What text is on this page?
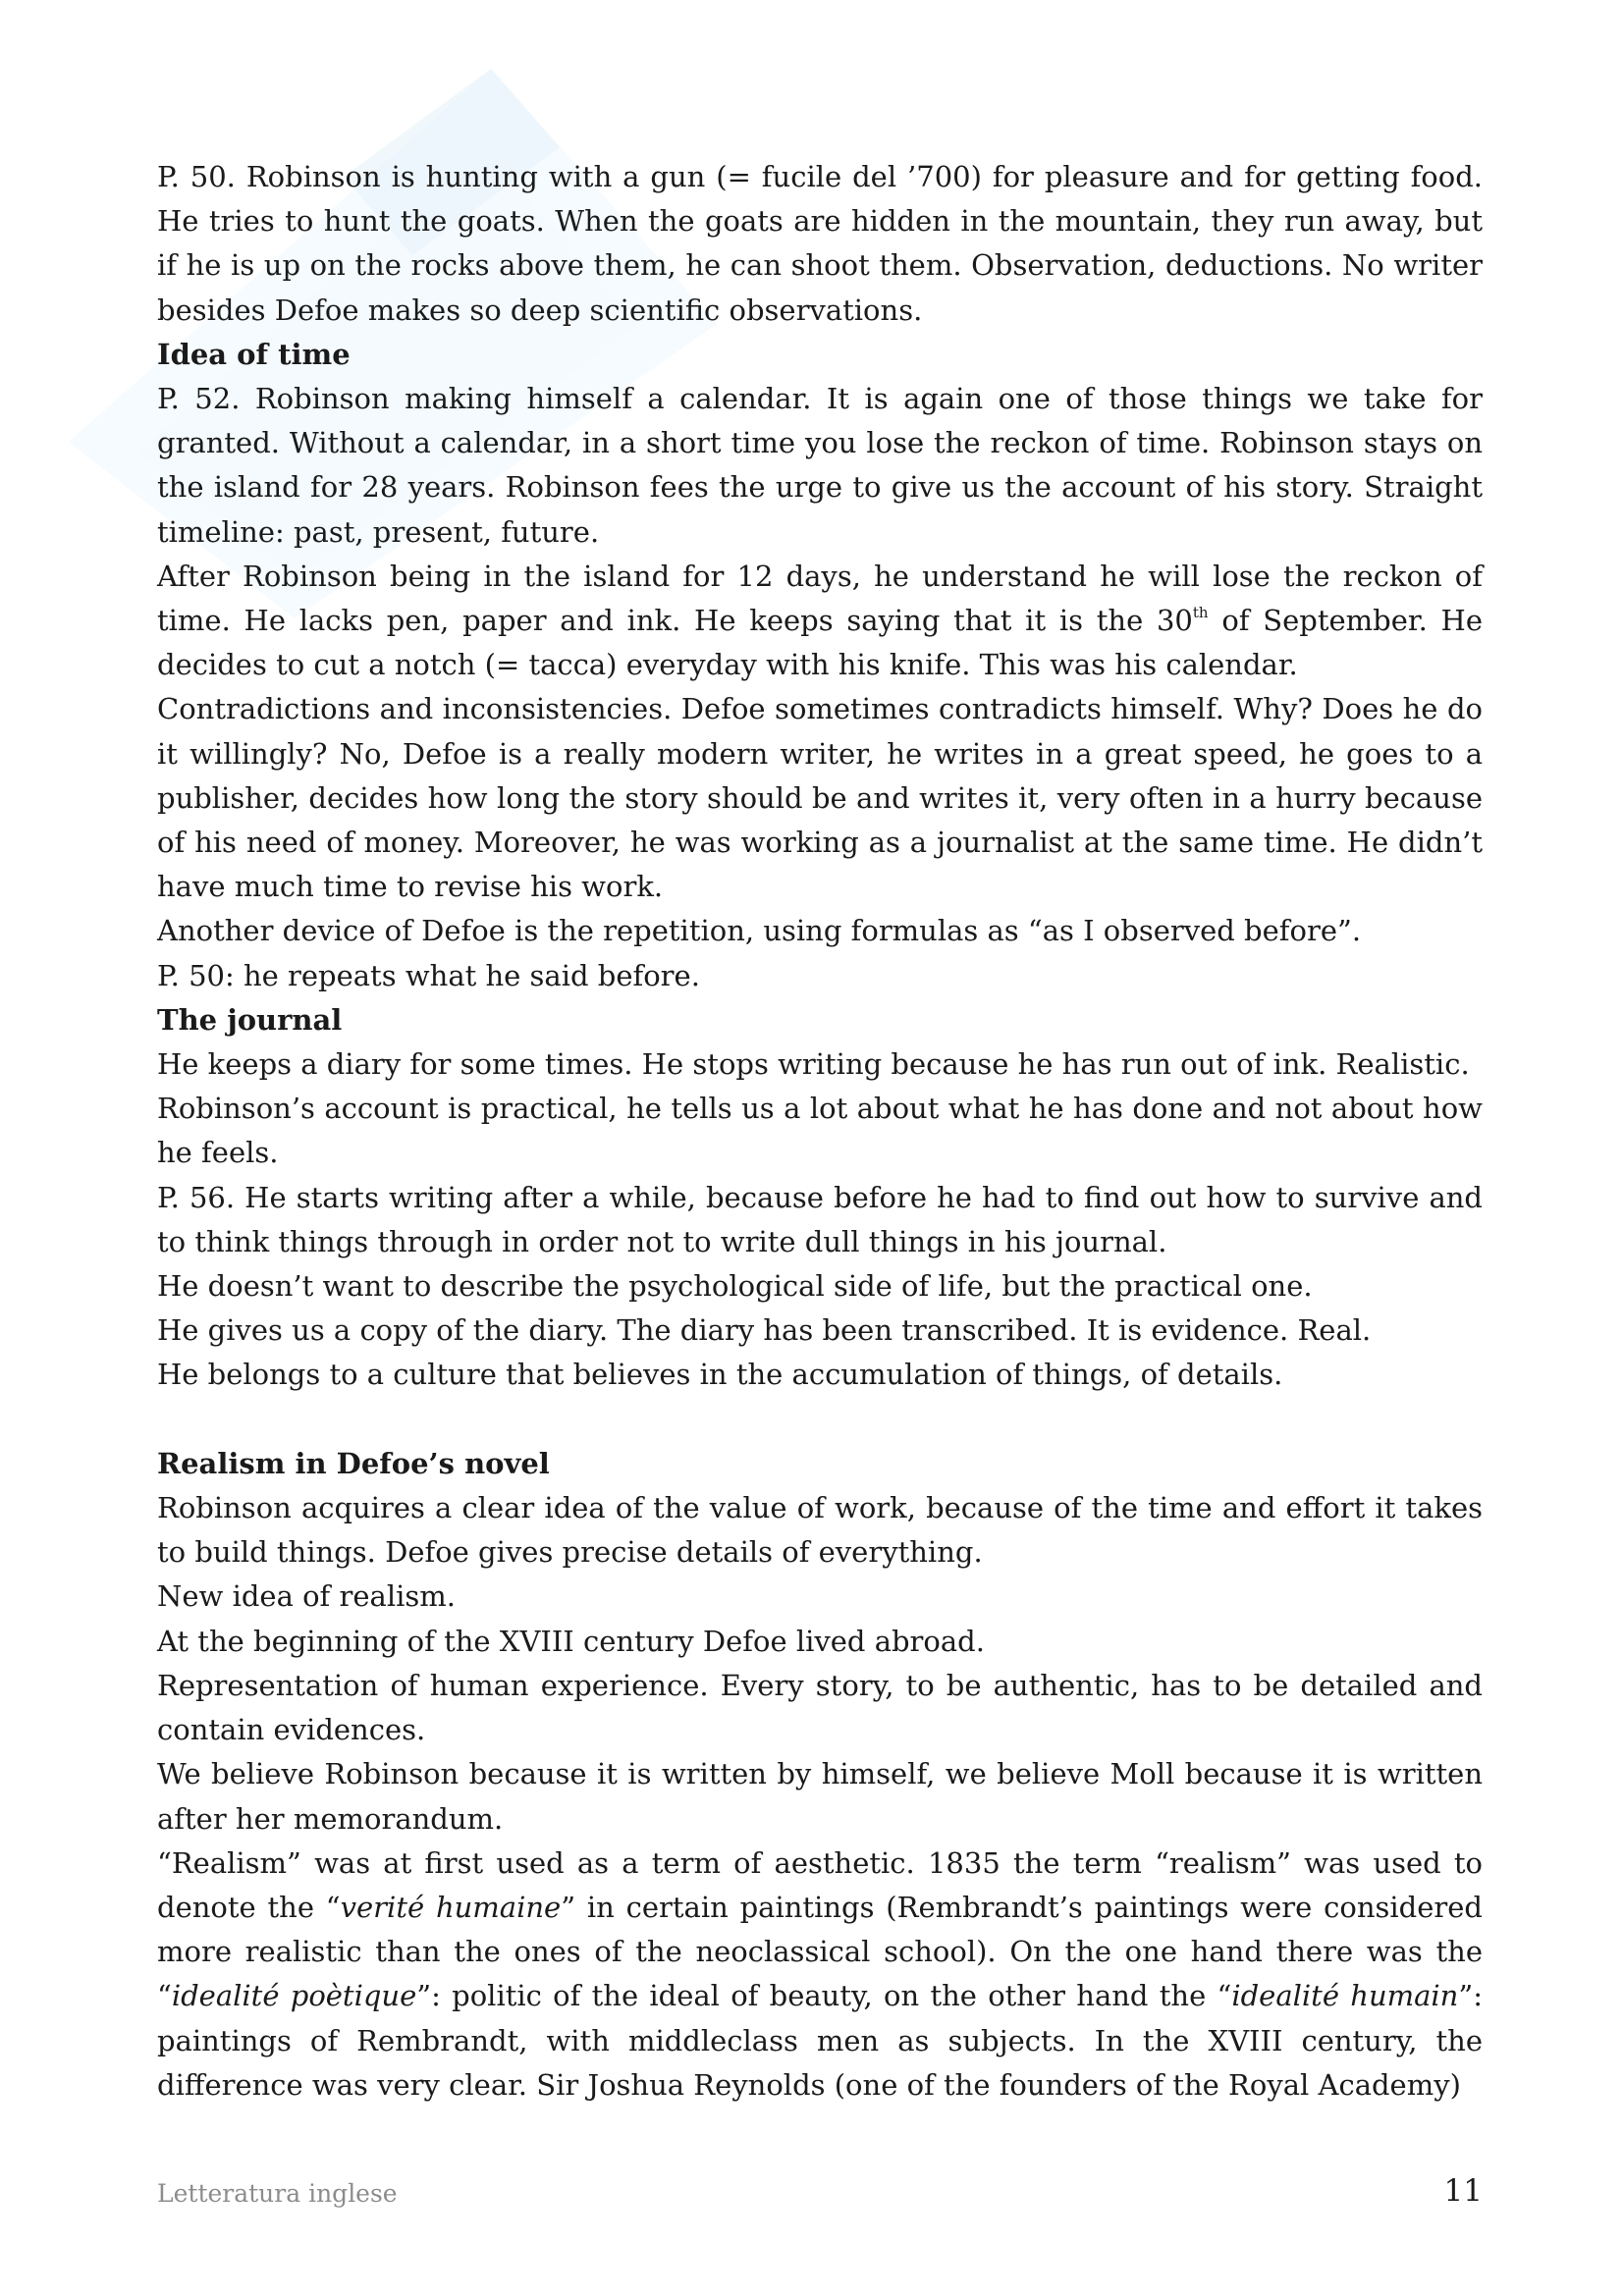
P. 50. Robinson is hunting with a gun (= fucile del ’700) for pleasure and for getting food. He tries to hunt the goats. When the goats are hidden in the mountain, they run away, but if he is up on the rocks above them, he can shoot them. Observation, deductions. No writer besides Defoe makes so deep scientific observations.

Idea of time

P. 52. Robinson making himself a calendar. It is again one of those things we take for granted. Without a calendar, in a short time you lose the reckon of time. Robinson stays on the island for 28 years. Robinson fees the urge to give us the account of his story. Straight timeline: past, present, future.

After Robinson being in the island for 12 days, he understand he will lose the reckon of time. He lacks pen, paper and ink. He keeps saying that it is the 30th of September. He decides to cut a notch (= tacca) everyday with his knife. This was his calendar.

Contradictions and inconsistencies. Defoe sometimes contradicts himself. Why? Does he do it willingly? No, Defoe is a really modern writer, he writes in a great speed, he goes to a publisher, decides how long the story should be and writes it, very often in a hurry because of his need of money. Moreover, he was working as a journalist at the same time. He didn’t have much time to revise his work.

Another device of Defoe is the repetition, using formulas as “as I observed before”.

P. 50: he repeats what he said before.

The journal

He keeps a diary for some times. He stops writing because he has run out of ink. Realistic.

Robinson’s account is practical, he tells us a lot about what he has done and not about how he feels.

P. 56. He starts writing after a while, because before he had to find out how to survive and to think things through in order not to write dull things in his journal.

He doesn’t want to describe the psychological side of life, but the practical one.

He gives us a copy of the diary. The diary has been transcribed. It is evidence. Real.

He belongs to a culture that believes in the accumulation of things, of details.

Realism in Defoe’s novel

Robinson acquires a clear idea of the value of work, because of the time and effort it takes to build things. Defoe gives precise details of everything.

New idea of realism.

At the beginning of the XVIII century Defoe lived abroad.

Representation of human experience. Every story, to be authentic, has to be detailed and contain evidences.

We believe Robinson because it is written by himself, we believe Moll because it is written after her memorandum.

“Realism” was at first used as a term of aesthetic. 1835 the term “realism” was used to denote the “verité humaine” in certain paintings (Rembrandt’s paintings were considered more realistic than the ones of the neoclassical school). On the one hand there was the “idealité poètique”: politic of the ideal of beauty, on the other hand the “idealité humain”: paintings of Rembrandt, with middleclass men as subjects. In the XVIII century, the difference was very clear. Sir Joshua Reynolds (one of the founders of the Royal Academy)

Letteratura inglese	11
